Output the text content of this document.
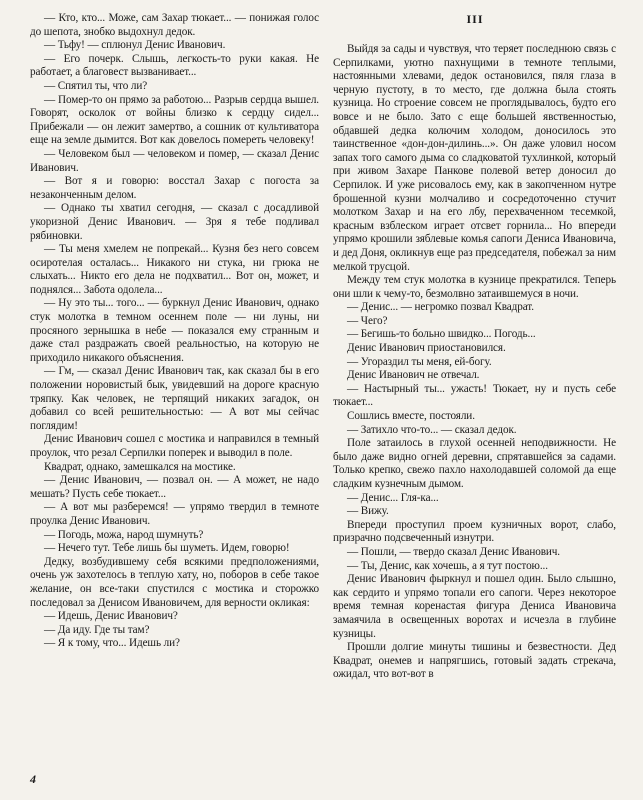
III

— Кто, кто... Може, сам Захар тюкает... — понижая голос до шепота, знобко выдохнул дедок.

— Тьфу! — сплюнул Денис Иванович.

— Его почерк. Слышь, легкость-то руки какая. Не работает, а благовест вызванивает...

— Спятил ты, что ли?

— Помер-то он прямо за работою... Разрыв сердца вышел. Говорят, осколок от войны близко к сердцу сидел... Прибежали — он лежит замертво, а сошник от культиватора еще на земле дымится. Вот как довелось помереть человеку!

— Человеком был — человеком и помер, — сказал Денис Иванович.

— Вот я и говорю: восстал Захар с погоста за незаконченным делом.

— Однако ты хватил сегодня, — сказал с досадливой укоризной Денис Иванович. — Зря я тебе подливал рябиновки.

— Ты меня хмелем не попрекай... Кузня без него совсем осиротелая осталась... Никакого ни стука, ни грюка не слыхать... Никто его дела не подхватил... Вот он, может, и поднялся... Забота одолела...

— Ну это ты... того... — буркнул Денис Иванович, однако стук молотка в темном осеннем поле — ни луны, ни просяного зернышка в небе — показался ему странным и даже стал раздражать своей реальностью, на которую не приходило никакого объяснения.

— Гм, — сказал Денис Иванович так, как сказал бы в его положении норовистый бык, увидевший на дороге красную тряпку. Как человек, не терпящий никаких загадок, он добавил со всей решительностью: — А вот мы сейчас поглядим!

Денис Иванович сошел с мостика и направился в темный проулок, что резал Серпилки поперек и выводил в поле.

Квадрат, однако, замешкался на мостике.

— Денис Иванович, — позвал он. — А может, не надо мешать? Пусть себе тюкает...

— А вот мы разберемся! — упрямо твердил в темноте проулка Денис Иванович.

— Погодь, можа, народ шумнуть?

— Нечего тут. Тебе лишь бы шуметь. Идем, говорю!

Дедку, возбудившему себя всякими предположениями, очень уж захотелось в теплую хату, но, поборов в себе такое желание, он все-таки спустился с мостика и сторожко последовал за Денисом Ивановичем, для верности окликая:

— Идешь, Денис Иванович?

— Да иду. Где ты там?

— Я к тому, что... Идешь ли?

Выйдя за сады и чувствуя, что теряет последнюю связь с Серпилками, уютно пахнущими в темноте теплыми, настоянными хлевами, дедок остановился, пяля глаза в черную пустоту, в то место, где должна была стоять кузница. Но строение совсем не проглядывалось, будто его вовсе и не было. Зато с еще большей явственностью, обдавшей дедка колючим холодом, доносилось это таинственное «дон-дон-дилинь...». Он даже уловил носом запах того самого дыма со сладковатой тухлинкой, который при живом Захаре Панкове полевой ветер доносил до Серпилок. И уже рисовалось ему, как в закопченном нутре брошенной кузни молчаливо и сосредоточенно стучит молотком Захар и на его лбу, перехваченном тесемкой, красным взблеском играет отсвет горнила... Но впереди упрямо крошили зяблевые комья сапоги Дениса Ивановича, и дед Доня, окликнув еще раз председателя, побежал за ним мелкой трусцой.

Между тем стук молотка в кузнице прекратился. Теперь они шли к чему-то, безмолвно затаившемуся в ночи.

— Денис... — негромко позвал Квадрат.

— Чего?

— Бегишь-то больно швидко... Погодь...

Денис Иванович приостановился.

— Угораздил ты меня, ей-богу.

Денис Иванович не отвечал.

— Настырный ты... ужасть! Тюкает, ну и пусть себе тюкает...

Сошлись вместе, постояли.

— Затихло что-то... — сказал дедок.

Поле затаилось в глухой осенней неподвижности. Не было даже видно огней деревни, спрятавшейся за садами. Только крепко, свежо пахло нахолодавшей соломой да еще сладким кузнечным дымом.

— Денис... Гля-ка...

— Вижу.

Впереди проступил проем кузничных ворот, слабо, призрачно подсвеченный изнутри.

— Пошли, — твердо сказал Денис Иванович.

— Ты, Денис, как хочешь, а я тут постою...

Денис Иванович фыркнул и пошел один. Было слышно, как сердито и упрямо топали его сапоги. Через некоторое время темная коренастая фигура Дениса Ивановича замаячила в освещенных воротах и исчезла в глубине кузницы.

Прошли долгие минуты тишины и безвестности. Дед Квадрат, онемев и напрягшись, готовый задать стрекача, ожидал, что вот-вот в

4
